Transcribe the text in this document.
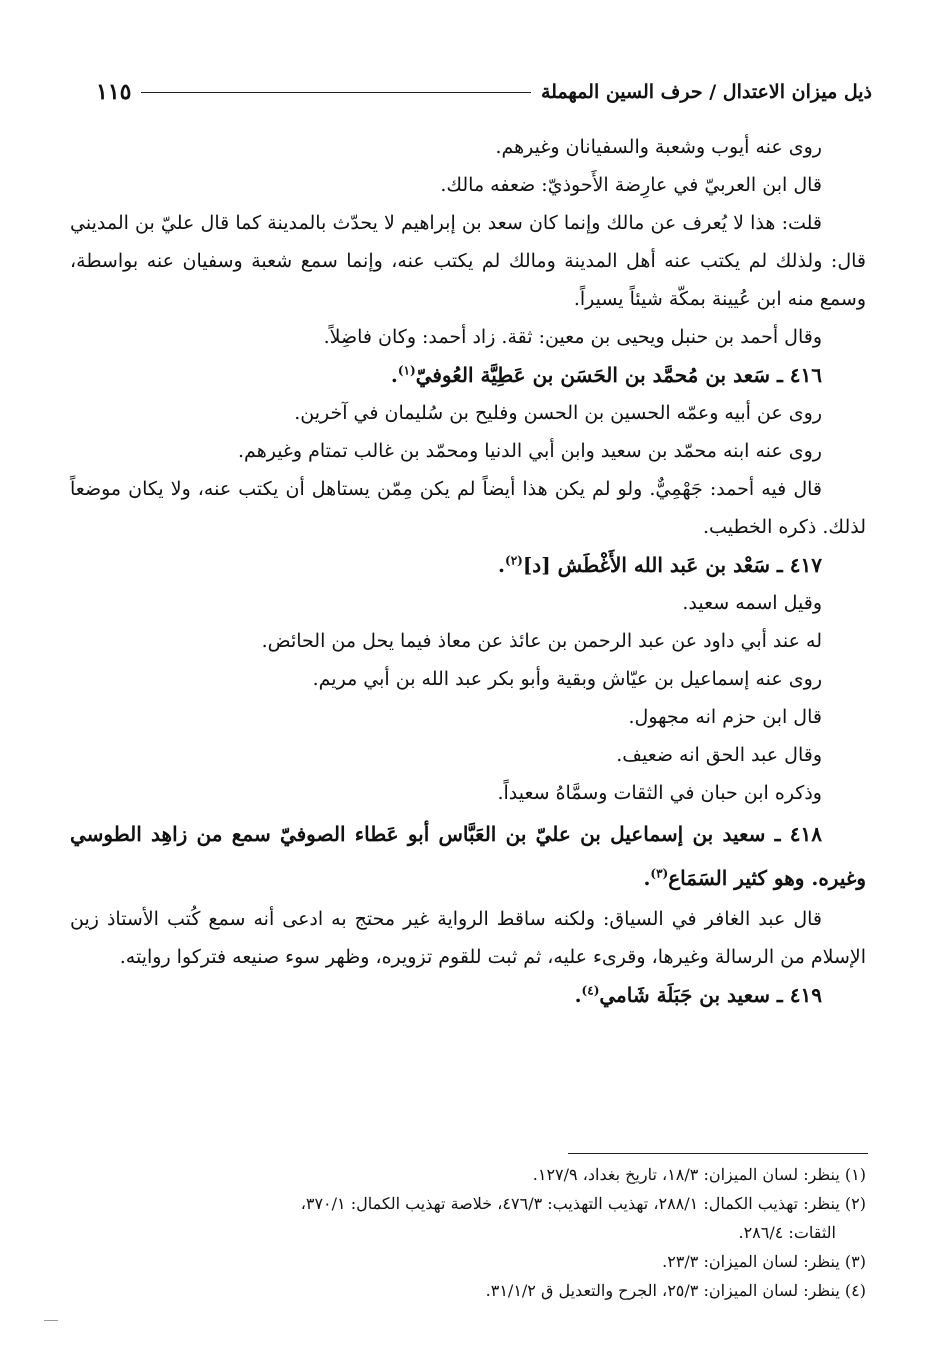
ذيل ميزان الاعتدال / حرف السين المهملة
١١٥

روى عنه أيوب وشعبة والسفيانان وغيرهم.

قال ابن العربيّ في عارِضة الأَحوذيّ: ضعفه مالك.

قلت: هذا لا يُعرف عن مالك وإنما كان سعد بن إبراهيم لا يحدّث بالمدينة كما قال عليّ بن المديني قال: ولذلك لم يكتب عنه أهل المدينة ومالك لم يكتب عنه، وإنما سمع شعبة وسفيان عنه بواسطة، وسمع منه ابن عُيينة بمكّة شيئاً يسيراً.

وقال أحمد بن حنبل ويحيى بن معين: ثقة. زاد أحمد: وكان فاضِلاً.

٤١٦ ـ سَعد بن مُحمَّد بن الحَسَن بن عَطِيَّة العُوفيّ$^{(١)}$.

روى عن أبيه وعمّه الحسين بن الحسن وفليح بن سُليمان في آخرين.

روى عنه ابنه محمّد بن سعيد وابن أبي الدنيا ومحمّد بن غالب تمتام وغيرهم.

قال فيه أحمد: جَهْمِيٌّ. ولو لم يكن هذا أيضاً لم يكن مِمّن يستاهل أن يكتب عنه، ولا يكان موضعاً لذلك. ذكره الخطيب.

٤١٧ ـ سَعْد بن عَبد الله الأَغْطَش [د]$^{(٢)}$.

وقيل اسمه سعيد.

له عند أبي داود عن عبد الرحمن بن عائذ عن معاذ فيما يحل من الحائض.

روى عنه إسماعيل بن عيّاش وبقية وأبو بكر عبد الله بن أبي مريم.

قال ابن حزم انه مجهول.

وقال عبد الحق انه ضعيف.

وذكره ابن حبان في الثقات وسمَّاهُ سعيداً.

٤١٨ ـ سعيد بن إسماعيل بن عليّ بن العَبَّاس أبو عَطاء الصوفيّ سمع من زاهِد الطوسي وغيره. وهو كثير السَمَاع$^{(٣)}$.

قال عبد الغافر في السياق: ولكنه ساقط الرواية غير محتج به ادعى أنه سمع كُتب الأستاذ زين الإسلام من الرسالة وغيرها، وقرىء عليه، ثم ثبت للقوم تزويره، وظهر سوء صنيعه فتركوا روايته.

٤١٩ ـ سعيد بن جَبَلَة شَامي$^{(٤)}$.

(١) ينظر: لسان الميزان: ١٨/٣، تاريخ بغداد، ١٢٧/٩.

(٢) ينظر: تهذيب الكمال: ٢٨٨/١، تهذيب التهذيب: ٤٧٦/٣، خلاصة تهذيب الكمال: ٣٧٠/١،

الثقات: ٢٨٦/٤.

(٣) ينظر: لسان الميزان: ٢٣/٣.

(٤) ينظر: لسان الميزان: ٢٥/٣، الجرح والتعديل ق ٣١/١/٢.
